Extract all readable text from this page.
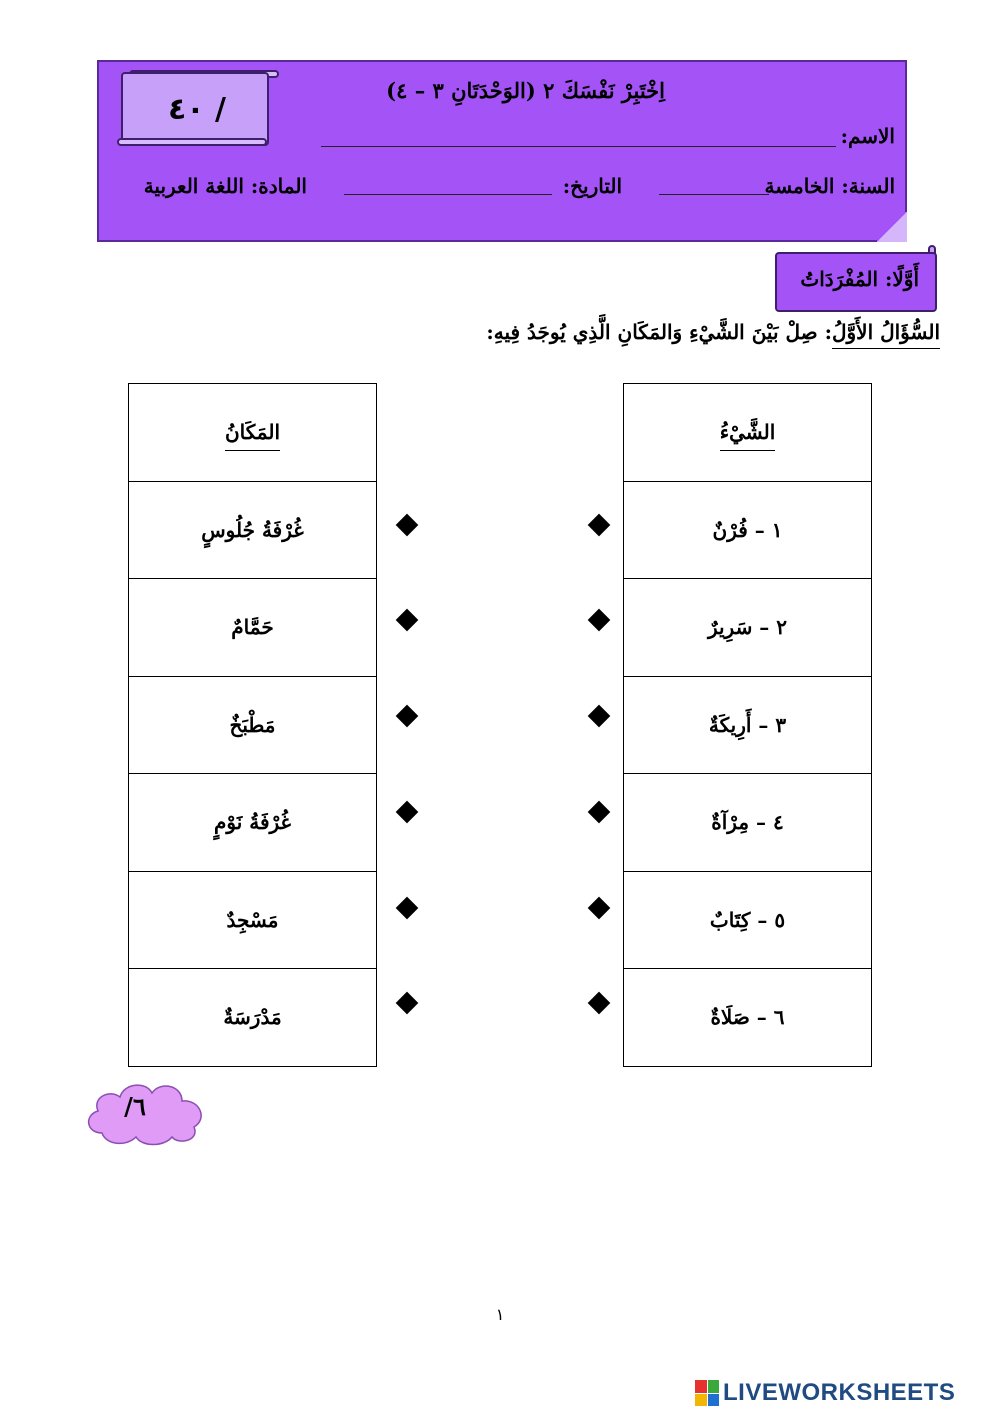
/ ٤٠
اِخْتَبِرْ نَفْسَكَ ٢ (الوَحْدَتَانِ ٣ – ٤)
الاسم:
السنة: الخامسة
التاريخ:
المادة: اللغة العربية
أَوَّلًا: المُفْرَدَاتُ
السُّؤَالُ الأَوَّلُ: صِلْ بَيْنَ الشَّيْءِ وَالمَكَانِ الَّذِي يُوجَدُ فِيهِ:
الشَّيْءُ
١ – فُرْنٌ
٢ – سَرِيرٌ
٣ – أَرِيكَةٌ
٤ – مِرْآةٌ
٥ – كِتَابٌ
٦ – صَلَاةٌ
المَكَانُ
غُرْفَةُ جُلُوسٍ
حَمَّامٌ
مَطْبَخٌ
غُرْفَةُ نَوْمٍ
مَسْجِدٌ
مَدْرَسَةٌ
٦/
١
LIVEWORKSHEETS
